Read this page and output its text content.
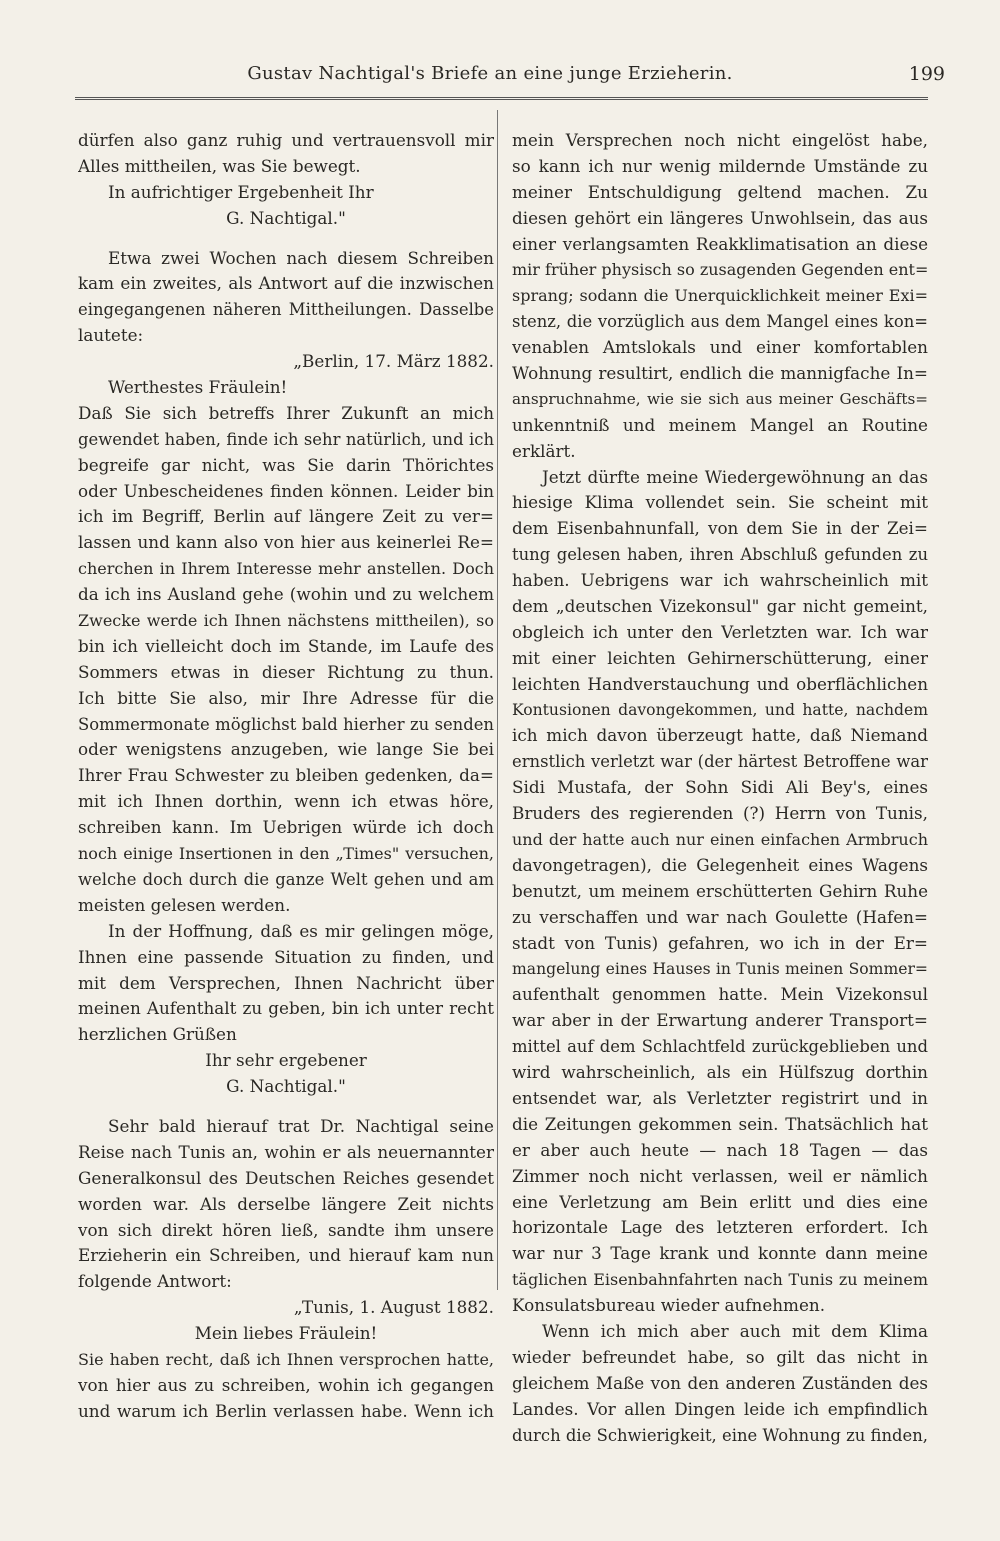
Gustav Nachtigal's Briefe an eine junge Erzieherin.	199
dürfen also ganz ruhig und vertrauensvoll mir
Alles mittheilen, was Sie bewegt.
In aufrichtiger Ergebenheit Ihr
G. Nachtigal."
Etwa zwei Wochen nach diesem Schreiben
kam ein zweites, als Antwort auf die inzwischen
eingegangenen näheren Mittheilungen. Dasselbe
lautete:
„Berlin, 17. März 1882.
Werthestes Fräulein!
Daß Sie sich betreffs Ihrer Zukunft an mich
gewendet haben, finde ich sehr natürlich, und ich
begreife gar nicht, was Sie darin Thörichtes
oder Unbescheidenes finden können. Leider bin
ich im Begriff, Berlin auf längere Zeit zu ver=
lassen und kann also von hier aus keinerlei Re=
cherchen in Ihrem Interesse mehr anstellen. Doch
da ich ins Ausland gehe (wohin und zu welchem
Zwecke werde ich Ihnen nächstens mittheilen), so
bin ich vielleicht doch im Stande, im Laufe des
Sommers etwas in dieser Richtung zu thun.
Ich bitte Sie also, mir Ihre Adresse für die
Sommermonate möglichst bald hierher zu senden
oder wenigstens anzugeben, wie lange Sie bei
Ihrer Frau Schwester zu bleiben gedenken, da=
mit ich Ihnen dorthin, wenn ich etwas höre,
schreiben kann. Im Uebrigen würde ich doch
noch einige Insertionen in den „Times" versuchen,
welche doch durch die ganze Welt gehen und am
meisten gelesen werden.
In der Hoffnung, daß es mir gelingen möge,
Ihnen eine passende Situation zu finden, und
mit dem Versprechen, Ihnen Nachricht über
meinen Aufenthalt zu geben, bin ich unter recht
herzlichen Grüßen
Ihr sehr ergebener
G. Nachtigal."
Sehr bald hierauf trat Dr. Nachtigal seine
Reise nach Tunis an, wohin er als neuernannter
Generalkonsul des Deutschen Reiches gesendet
worden war. Als derselbe längere Zeit nichts
von sich direkt hören ließ, sandte ihm unsere
Erzieherin ein Schreiben, und hierauf kam nun
folgende Antwort:
„Tunis, 1. August 1882.
Mein liebes Fräulein!
Sie haben recht, daß ich Ihnen versprochen hatte,
von hier aus zu schreiben, wohin ich gegangen
und warum ich Berlin verlassen habe. Wenn ich
mein Versprechen noch nicht eingelöst habe,
so kann ich nur wenig mildernde Umstände zu
meiner Entschuldigung geltend machen. Zu
diesen gehört ein längeres Unwohlsein, das aus
einer verlangsamten Reakklimatisation an diese
mir früher physisch so zusagenden Gegenden ent=
sprang; sodann die Unerquicklichkeit meiner Exi=
stenz, die vorzüglich aus dem Mangel eines kon=
venablen Amtslokals und einer komfortablen
Wohnung resultirt, endlich die mannigfache In=
anspruchnahme, wie sie sich aus meiner Geschäfts=
unkenntniß und meinem Mangel an Routine
erklärt.
Jetzt dürfte meine Wiedergewöhnung an das
hiesige Klima vollendet sein. Sie scheint mit
dem Eisenbahnunfall, von dem Sie in der Zei=
tung gelesen haben, ihren Abschluß gefunden zu
haben. Uebrigens war ich wahrscheinlich mit
dem „deutschen Vizekonsul" gar nicht gemeint,
obgleich ich unter den Verletzten war. Ich war
mit einer leichten Gehirnerschütterung, einer
leichten Handverstauchung und oberflächlichen
Kontusionen davongekommen, und hatte, nachdem
ich mich davon überzeugt hatte, daß Niemand
ernstlich verletzt war (der härtest Betroffene war
Sidi Mustafa, der Sohn Sidi Ali Bey's, eines
Bruders des regierenden (?) Herrn von Tunis,
und der hatte auch nur einen einfachen Armbruch
davongetragen), die Gelegenheit eines Wagens
benutzt, um meinem erschütterten Gehirn Ruhe
zu verschaffen und war nach Goulette (Hafen=
stadt von Tunis) gefahren, wo ich in der Er=
mangelung eines Hauses in Tunis meinen Sommer=
aufenthalt genommen hatte. Mein Vizekonsul
war aber in der Erwartung anderer Transport=
mittel auf dem Schlachtfeld zurückgeblieben und
wird wahrscheinlich, als ein Hülfszug dorthin
entsendet war, als Verletzter registrirt und in
die Zeitungen gekommen sein. Thatsächlich hat
er aber auch heute — nach 18 Tagen — das
Zimmer noch nicht verlassen, weil er nämlich
eine Verletzung am Bein erlitt und dies eine
horizontale Lage des letzteren erfordert. Ich
war nur 3 Tage krank und konnte dann meine
täglichen Eisenbahnfahrten nach Tunis zu meinem
Konsulatsbureau wieder aufnehmen.
Wenn ich mich aber auch mit dem Klima
wieder befreundet habe, so gilt das nicht in
gleichem Maße von den anderen Zuständen des
Landes. Vor allen Dingen leide ich empfindlich
durch die Schwierigkeit, eine Wohnung zu finden,
